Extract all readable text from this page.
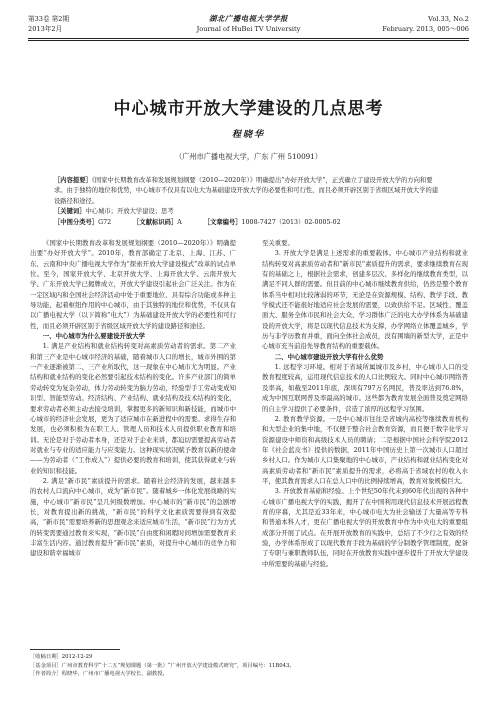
第33卷 第2期
2013年2月
湖北广播电视大学学报
Journal of HuBei TV University
Vol.33, No.2
February. 2013, 005～006
中心城市开放大学建设的几点思考
程晓华
（广州市广播电视大学，广东 广州 510091）
［内容提要］《国家中长期教育改革和发展规划纲要（2010—2020年）》明确提出“办好开放大学”，正式确立了建设开放大学的方向和要求。由于独特的地位和优势，中心城市不仅具有以电大为基础建设开放大学的必要性和可行性，而且必须开辟区别于省级区域开放大学的建设路径和途径。
［关键词］中心城市；开放大学建设；思考
［中图分类号］G72	［文献标识码］A	［文章编号］1008-7427（2013）02-0005-02

《国家中长期教育改革和发展规划纲要（2010—2020年）》明确提出要“办好开放大学”。2010年，教育部确定了北京、上海、江苏、广东、云南和中央广播电视大学作为“探索开放大学建设模式”改革的试点单位。至今，国家开放大学、北京开放大学、上海开放大学、云南开放大学、广东开放大学已揭牌成立，开放大学建设引起社会广泛关注。作为在一定区域内和全国社会经济活动中处于重要地位、具有综合功能或多种主导功能、起着枢纽作用的中心城市，由于其独特的地位和优势，不仅具有以广播电视大学（以下简称“电大”）为基础建设开放大学的必要性和可行性，而且必须开辟区别于省级区域开放大学的建设路径和途径。

一、中心城市为什么要建设开放大学

1. 满足产业结构和就业结构转变对高素质劳动者的需求。第二产业和第三产业是中心城市经济的基础，随着城市人口的增长，城市外围的第一产业逐渐被第二、三产业所取代，这一现象在中心城市尤为明显。产业结构和就业结构的变化必然要引起技术结构的变化。许多产业部门的简单劳动转变为复杂劳动，体力劳动转变为脑力劳动，经验型手工劳动变成知识型、智能型劳动。经济结构、产业结构、就业结构及技术结构的变化，要求劳动者必须主动去接受培训，掌握更多的新知识和新技能，而城市中心城市的经济社会发展，更为了适应城市在新进程中的需要。求得生存和发展，也必须积极为在职工人、管理人员和技术人员提供职业教育和培训。无论是对于劳动者本身，还是对于企业来讲，都迫切需要提高劳动者对就业与专业的适应能力与应变能力。这种现实状况赋予教育以新的使命——为劳动者（“工作成人”）提供必要的教育和培训，使其获得就业与转业的知识和技能。

2. 满足“新市民”素质提升的需求。随着社会经济的发展，越来越多的农村人口流向中心城市，成为“新市民”。随着城乡一体化发展战略的实施，中心城市“新市民”呈几何级数增加。中心城市的“新市民”的急剧增长，对教育提出新的挑战，“新市民”的科学文化素质需要得到有效提高，“新市民”需要培养新的思想观念来适应城市生活，“新市民”行为方式的转变需要通过教育来实现，“新市民”自由度和闲暇时间增加需要教育来丰富生活内容。通过教育提升“新市民”素质，对提升中心城市的竞争力和建设和谐幸福城市

至关重要。

3. 开放大学是满足上述需求的重要载体。中心城市产业结构和就业结构转变对高素质劳动者和“新市民”素质提升的需求，要求继续教育在现有的基础之上，根据社会需求，创建多层次、多样化的继续教育类型，以满足不同人群的需要。但目前的中心城市继续教育供给，仍然是整个教育体系当中相对比较薄弱的环节，无论是在资源规模、结构、教学手段、教学模式还不能很好地适应社会发展的需要，以致供给不足。区域性、覆盖面大、服务全体市民和社会大众、学习群体广泛的电大办学体系为基础建设的开放大学，将是以现代信息技术为支撑，办学网络立体覆盖城乡，学历与非学历教育并重，面向全体社会成员，没有围墙的新型大学，正是中心城市充当前沿先导教育结构的重要载体。

二、中心城市建设开放大学有什么优势

1. 远程学习环境。相对于省域所属城市及乡村，中心城市人口的受教育程度较高，运用现代信息技术的人口比例较大。同时中心城市网络普及率高，如截至2011年底，深圳有797万名网民，普及率达到76.8%，成为中国互联网普及率最高的城市。这些都为教育发展全面普及奠定网络的自主学习提供了必要条件，营造了浓厚的远程学习氛围。

2. 教育教学资源。一是中心城市往往是省城内高校等继续教育机构和大型企业的集中地，不仅便于整合社会教育资源，而且便于数字化学习资源建设中师资和高级技术人员的聘请；二是根据中国社会科学院2012年《社会蓝皮书》提供的数据，2011年中国历史上第一次城市人口超过乡村人口。作为城市人口集聚地的中心城市，产业结构和就业结构变化对高素质劳动者和“新市民”素质提升的需求，必将高于省域农村的收入水平，使其教育需求人口在总人口中的比例持续增高，教育对象规模巨大。

3. 开放教育基础和经验。上个世纪50年代末到60年代出现的各种中心城市广播电视大学的实践，揭开了在中国利用现代信息技术开展远程教育的序幕，尤其是近33年来，中心城市电大为社会输送了大量高等专科和普通本科人才，更在广播电视大学的开放教育中作为中央电大的重要组成部分开展了试点。在开展开放教育的实践中，总结了不少行之有效的经验，办学体系形成了以现代教育手段为基础的学分制教学管理制度，配备了专职与兼职教师队伍，同时在开放教育实践中逐步提升了开放大学建设中所需要的基础与经验。

［收稿日期］2012-12-29
［基金项目］广州市教育科学“十二五”规划课题（第一批）“广州开放大学建设模式研究”，项目编号：11B043。
［作者简介］程晓华，广州市广播电视大学校长，副教授。
